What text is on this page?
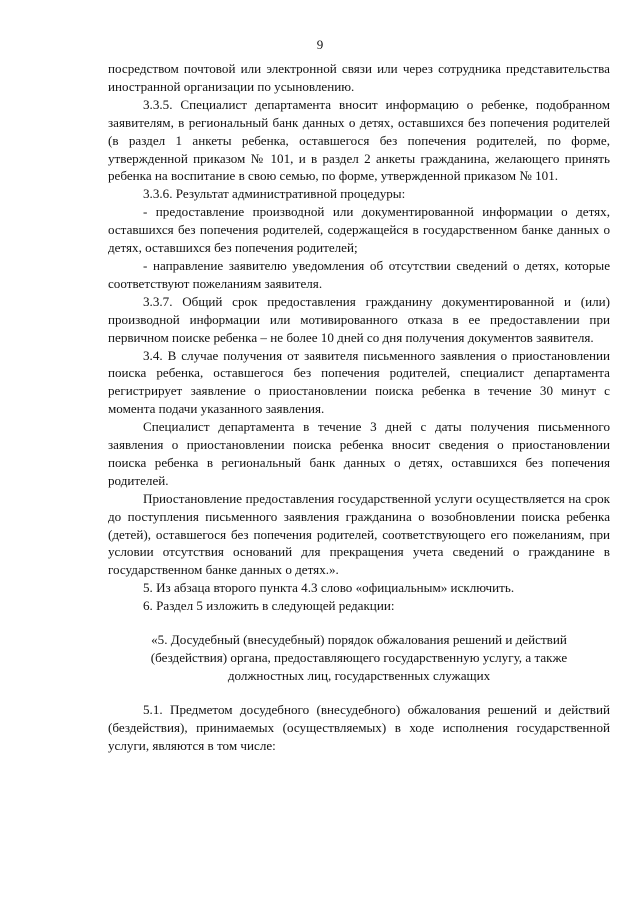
9

посредством почтовой или электронной связи или через сотрудника представительства иностранной организации по усыновлению.

3.3.5. Специалист департамента вносит информацию о ребенке, подобранном заявителям, в региональный банк данных о детях, оставшихся без попечения родителей (в раздел 1 анкеты ребенка, оставшегося без попечения родителей, по форме, утвержденной приказом № 101, и в раздел 2 анкеты гражданина, желающего принять ребенка на воспитание в свою семью, по форме, утвержденной приказом № 101.

3.3.6. Результат административной процедуры:

- предоставление производной или документированной информации о детях, оставшихся без попечения родителей, содержащейся в государственном банке данных о детях, оставшихся без попечения родителей;

- направление заявителю уведомления об отсутствии сведений о детях, которые соответствуют пожеланиям заявителя.

3.3.7. Общий срок предоставления гражданину документированной и (или) производной информации или мотивированного отказа в ее предоставлении при первичном поиске ребенка – не более 10 дней со дня получения документов заявителя.

3.4. В случае получения от заявителя письменного заявления о приостановлении поиска ребенка, оставшегося без попечения родителей, специалист департамента регистрирует заявление о приостановлении поиска ребенка в течение 30 минут с момента подачи указанного заявления.

Специалист департамента в течение 3 дней с даты получения письменного заявления о приостановлении поиска ребенка вносит сведения о приостановлении поиска ребенка в региональный банк данных о детях, оставшихся без попечения родителей.

Приостановление предоставления государственной услуги осуществляется на срок до поступления письменного заявления гражданина о возобновлении поиска ребенка (детей), оставшегося без попечения родителей, соответствующего его пожеланиям, при условии отсутствия оснований для прекращения учета сведений о гражданине в государственном банке данных о детях.».

5. Из абзаца второго пункта 4.3 слово «официальным» исключить.

6. Раздел 5 изложить в следующей редакции:

«5. Досудебный (внесудебный) порядок обжалования решений и действий
(бездействия) органа, предоставляющего государственную услугу, а также
должностных лиц, государственных служащих

5.1. Предметом досудебного (внесудебного) обжалования решений и действий (бездействия), принимаемых (осуществляемых) в ходе исполнения государственной услуги, являются в том числе:
